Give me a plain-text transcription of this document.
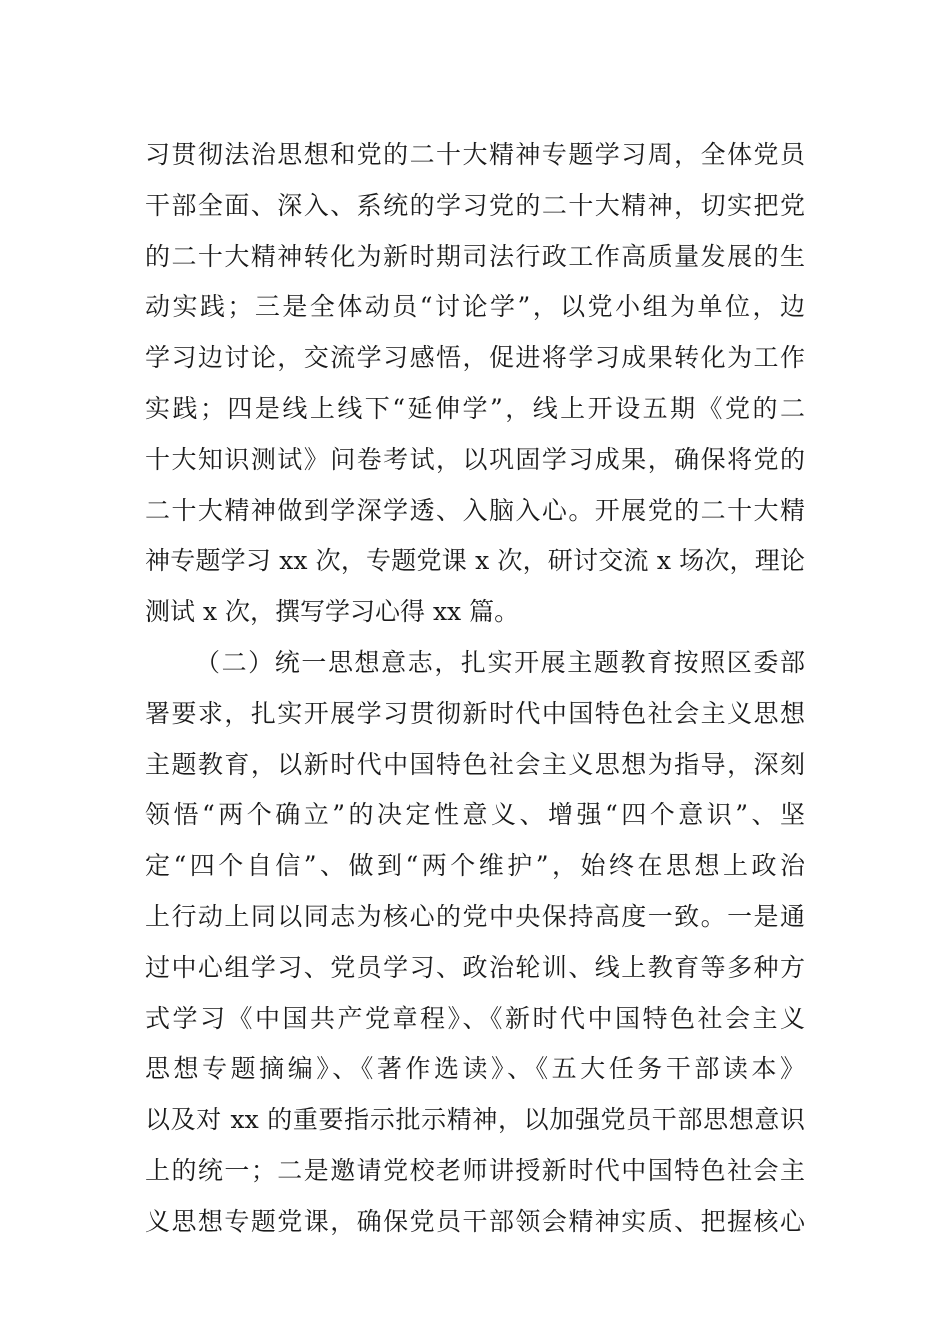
习贯彻法治思想和党的二十大精神专题学习周，全体党员
干部全面、深入、系统的学习党的二十大精神，切实把党
的二十大精神转化为新时期司法行政工作高质量发展的生
动实践；三是全体动员“讨论学”，以党小组为单位，边
学习边讨论，交流学习感悟，促进将学习成果转化为工作
实践；四是线上线下“延伸学”，线上开设五期《党的二
十大知识测试》问卷考试，以巩固学习成果，确保将党的
二十大精神做到学深学透、入脑入心。开展党的二十大精
神专题学习 xx 次，专题党课 x 次，研讨交流 x 场次，理论
测试 x 次，撰写学习心得 xx 篇。
（二）统一思想意志，扎实开展主题教育按照区委部
署要求，扎实开展学习贯彻新时代中国特色社会主义思想
主题教育，以新时代中国特色社会主义思想为指导，深刻
领悟“两个确立”的决定性意义、增强“四个意识”、坚
定“四个自信”、做到“两个维护”，始终在思想上政治
上行动上同以同志为核心的党中央保持高度一致。一是通
过中心组学习、党员学习、政治轮训、线上教育等多种方
式学习《中国共产党章程》、《新时代中国特色社会主义
思想专题摘编》、《著作选读》、《五大任务干部读本》
以及对 xx 的重要指示批示精神，以加强党员干部思想意识
上的统一；二是邀请党校老师讲授新时代中国特色社会主
义思想专题党课，确保党员干部领会精神实质、把握核心
